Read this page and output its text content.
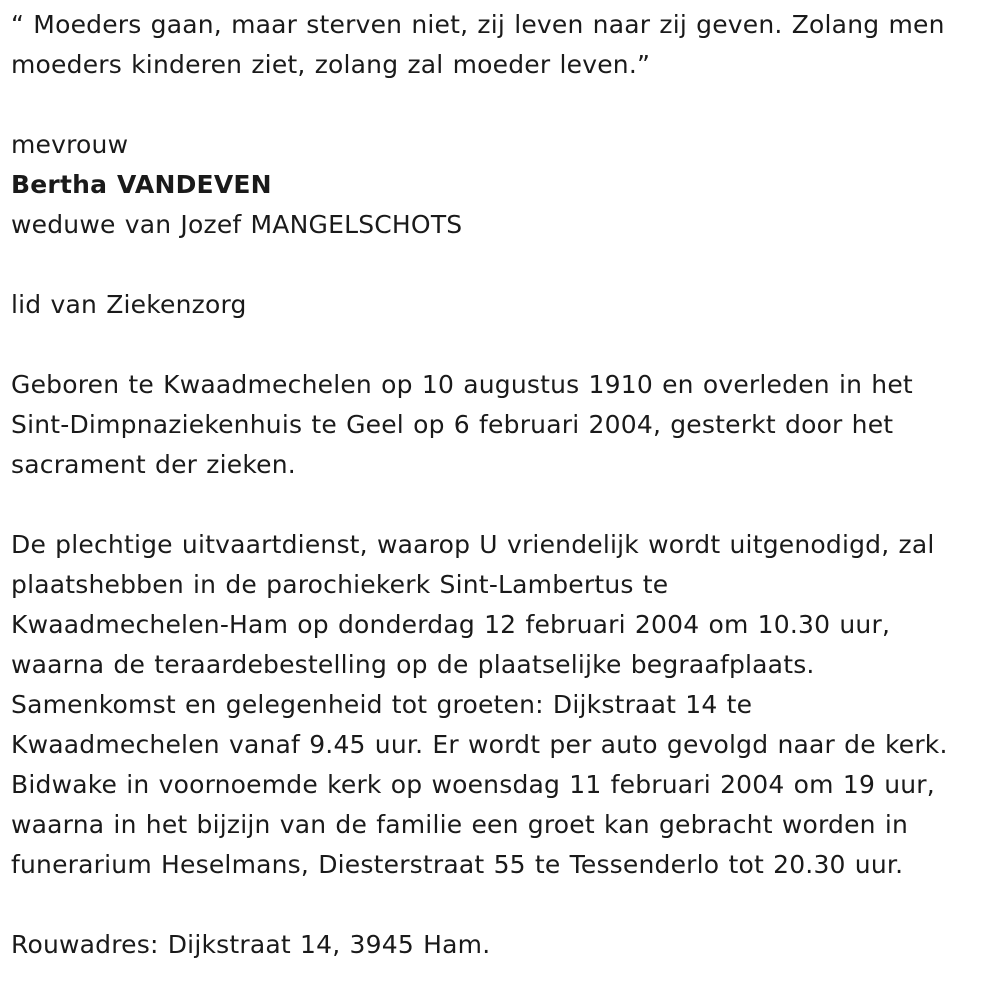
“ Moeders gaan, maar sterven niet, zij leven naar zij geven. Zolang men

moeders kinderen ziet, zolang zal moeder leven.”

mevrouw

Bertha VANDEVEN

weduwe van Jozef MANGELSCHOTS

lid van Ziekenzorg

Geboren te Kwaadmechelen op 10 augustus 1910 en overleden in het

Sint-Dimpnaziekenhuis te Geel op 6 februari 2004, gesterkt door het

sacrament der zieken.

De plechtige uitvaartdienst, waarop U vriendelijk wordt uitgenodigd, zal

plaatshebben in de parochiekerk Sint-Lambertus te

Kwaadmechelen-Ham op donderdag 12 februari 2004 om 10.30 uur,

waarna de teraardebestelling op de plaatselijke begraafplaats.

Samenkomst en gelegenheid tot groeten: Dijkstraat 14 te

Kwaadmechelen vanaf 9.45 uur. Er wordt per auto gevolgd naar de kerk.

Bidwake in voornoemde kerk op woensdag 11 februari 2004 om 19 uur,

waarna in het bijzijn van de familie een groet kan gebracht worden in

funerarium Heselmans, Diesterstraat 55 te Tessenderlo tot 20.30 uur.

Rouwadres: Dijkstraat 14, 3945 Ham.
